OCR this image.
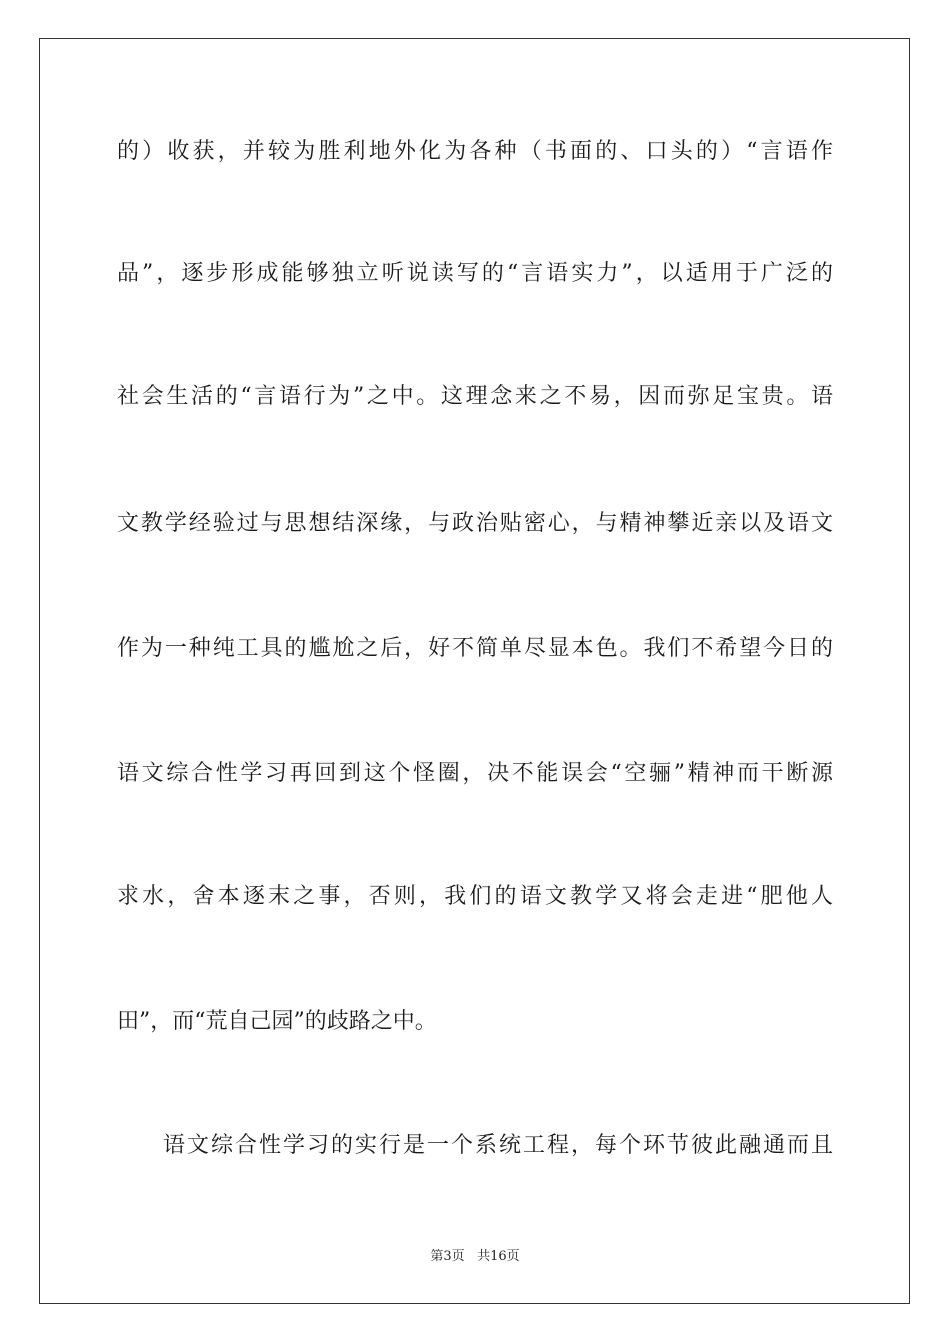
的）收获，并较为胜利地外化为各种（书面的、口头的）“言语作
品”，逐步形成能够独立听说读写的“言语实力”，以适用于广泛的
社会生活的“言语行为”之中。这理念来之不易，因而弥足宝贵。语
文教学经验过与思想结深缘，与政治贴密心，与精神攀近亲以及语文
作为一种纯工具的尴尬之后，好不简单尽显本色。我们不希望今日的
语文综合性学习再回到这个怪圈，决不能误会“空骊”精神而干断源
求水，舍本逐末之事，否则，我们的语文教学又将会走进“肥他人
田”，而“荒自己园”的歧路之中。
语文综合性学习的实行是一个系统工程，每个环节彼此融通而且
第3页 共16页
